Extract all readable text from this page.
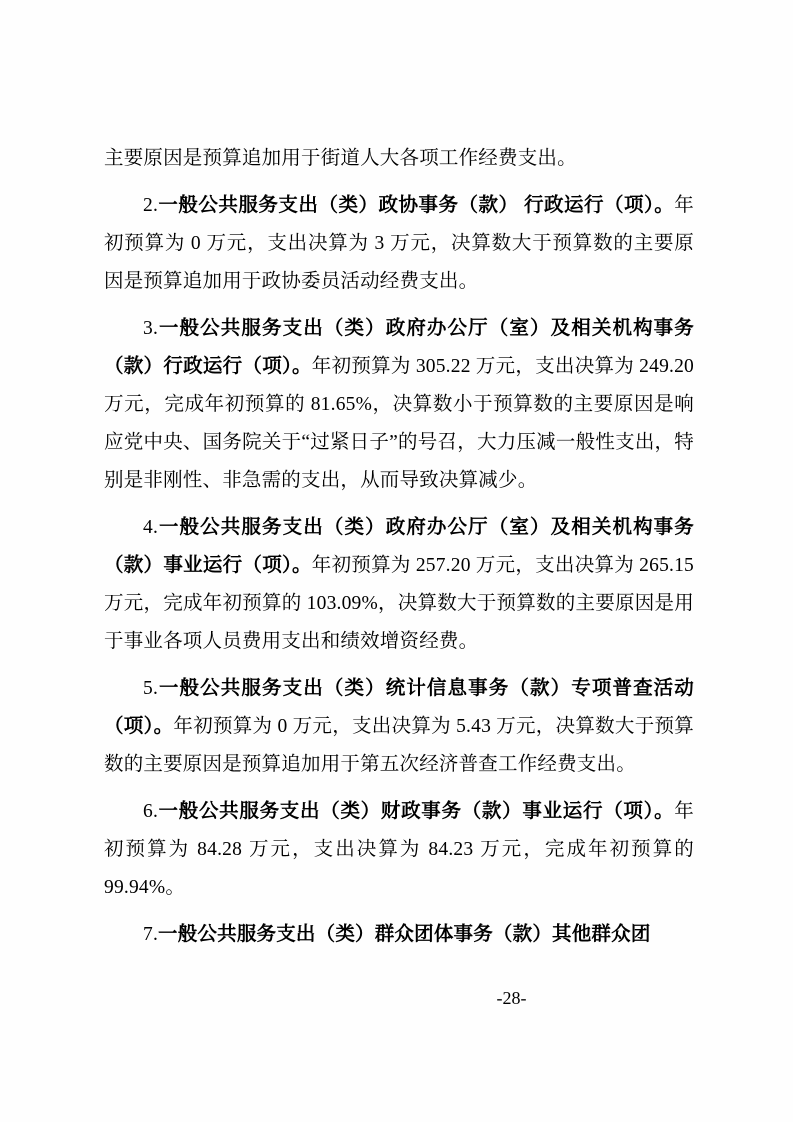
主要原因是预算追加用于街道人大各项工作经费支出。

2.一般公共服务支出（类）政协事务（款） 行政运行（项）。年初预算为 0 万元，支出决算为 3 万元，决算数大于预算数的主要原因是预算追加用于政协委员活动经费支出。

3.一般公共服务支出（类）政府办公厅（室）及相关机构事务（款）行政运行（项）。年初预算为 305.22 万元，支出决算为 249.20 万元，完成年初预算的 81.65%，决算数小于预算数的主要原因是响应党中央、国务院关于“过紧日子”的号召，大力压减一般性支出，特别是非刚性、非急需的支出，从而导致决算减少。

4.一般公共服务支出（类）政府办公厅（室）及相关机构事务（款）事业运行（项）。年初预算为 257.20 万元，支出决算为 265.15 万元，完成年初预算的 103.09%，决算数大于预算数的主要原因是用于事业各项人员费用支出和绩效增资经费。

5.一般公共服务支出（类）统计信息事务（款）专项普查活动（项）。年初预算为 0 万元，支出决算为 5.43 万元，决算数大于预算数的主要原因是预算追加用于第五次经济普查工作经费支出。

6.一般公共服务支出（类）财政事务（款）事业运行（项）。年初预算为 84.28 万元，支出决算为 84.23 万元，完成年初预算的 99.94%。

7.一般公共服务支出（类）群众团体事务（款）其他群众团

-28-
